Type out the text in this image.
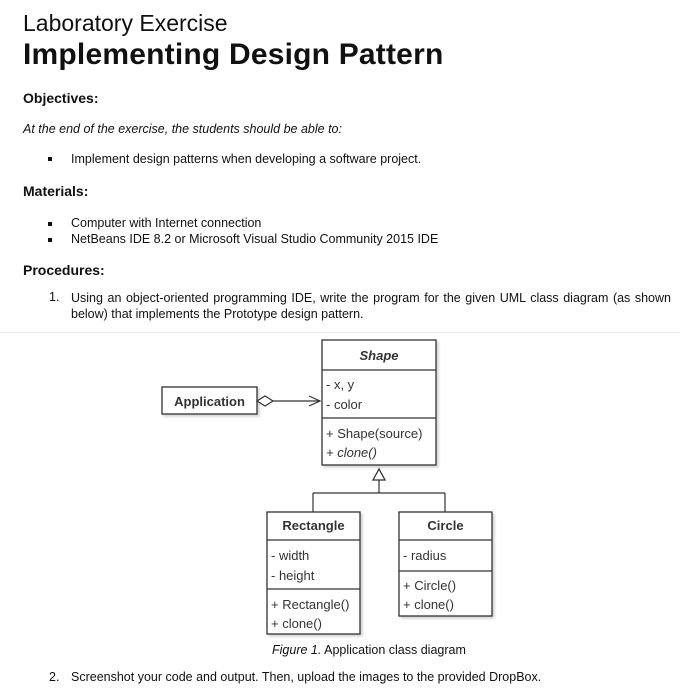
Laboratory Exercise
Implementing Design Pattern
Objectives:
At the end of the exercise, the students should be able to:
Implement design patterns when developing a software project.
Materials:
Computer with Internet connection
NetBeans IDE 8.2 or Microsoft Visual Studio Community 2015 IDE
Procedures:
1. Using an object-oriented programming IDE, write the program for the given UML class diagram (as shown below) that implements the Prototype design pattern.
Application
Shape
- x, y
- color
+ Shape(source)
+ clone()
Rectangle
- width
- height
+ Rectangle()
+ clone()
Circle
- radius
+ Circle()
+ clone()
Figure 1. Application class diagram
2. Screenshot your code and output. Then, upload the images to the provided DropBox.
